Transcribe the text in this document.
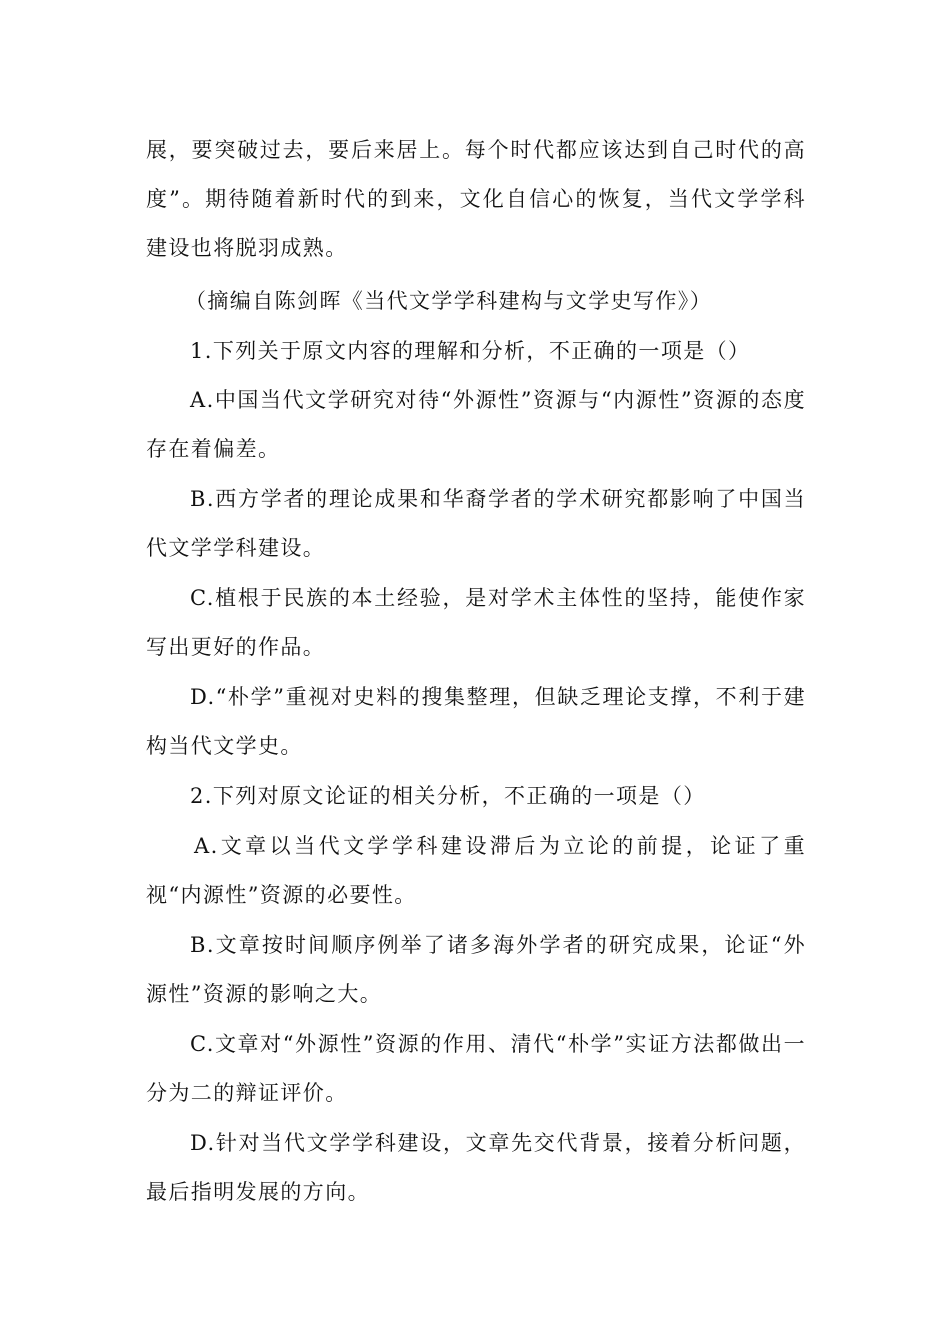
展，要突破过去，要后来居上。每个时代都应该达到自己时代的高度”。期待随着新时代的到来，文化自信心的恢复，当代文学学科建设也将脱羽成熟。

（摘编自陈剑晖《当代文学学科建构与文学史写作》）

1.下列关于原文内容的理解和分析，不正确的一项是（）

A.中国当代文学研究对待“外源性”资源与“内源性”资源的态度存在着偏差。

B.西方学者的理论成果和华裔学者的学术研究都影响了中国当代文学学科建设。

C.植根于民族的本土经验，是对学术主体性的坚持，能使作家写出更好的作品。

D.“朴学”重视对史料的搜集整理，但缺乏理论支撑，不利于建构当代文学史。

2.下列对原文论证的相关分析，不正确的一项是（）

A.文章以当代文学学科建设滞后为立论的前提，论证了重视“内源性”资源的必要性。

B.文章按时间顺序例举了诸多海外学者的研究成果，论证“外源性”资源的影响之大。

C.文章对“外源性”资源的作用、清代“朴学”实证方法都做出一分为二的辩证评价。

D.针对当代文学学科建设，文章先交代背景，接着分析问题，最后指明发展的方向。
